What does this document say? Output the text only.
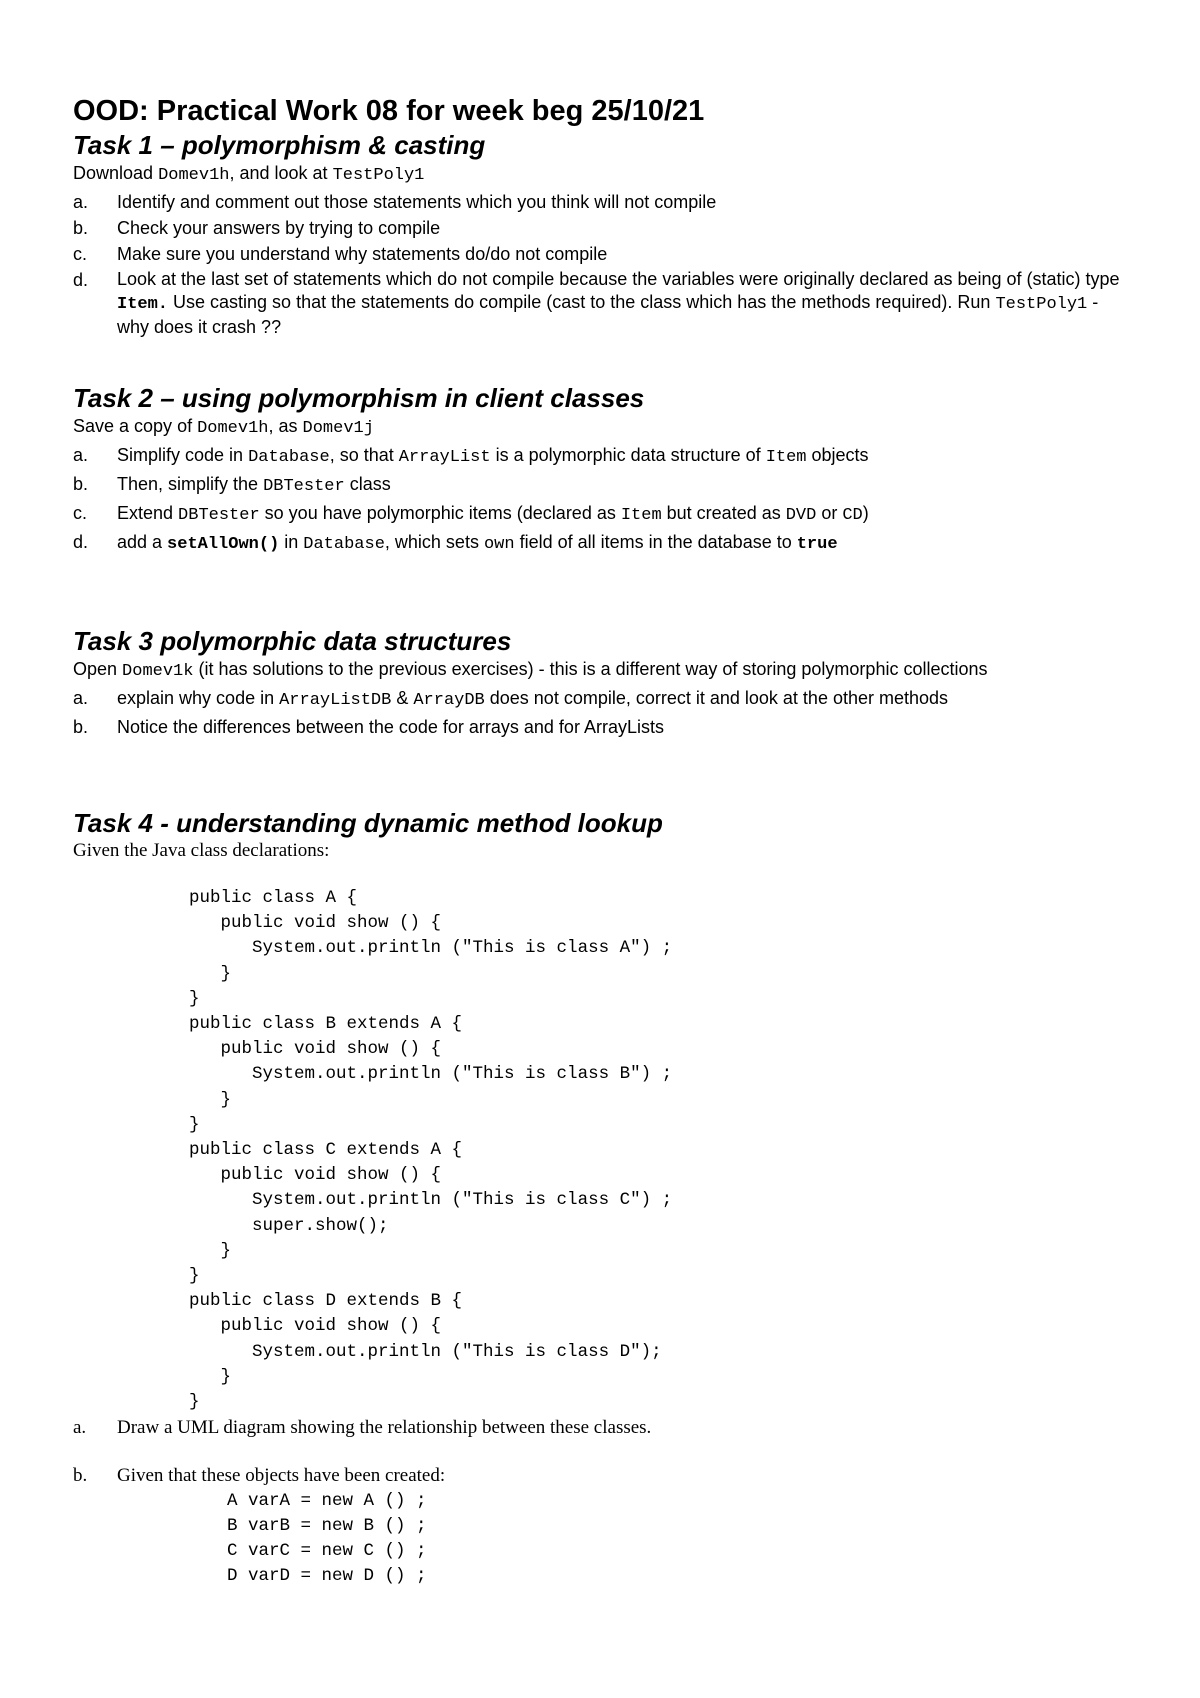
OOD: Practical Work 08 for week beg 25/10/21
Task 1 – polymorphism & casting

Download Domev1h, and look at TestPoly1

a.	Identify and comment out those statements which you think will not compile
b.	Check your answers by trying to compile
c.	Make sure you understand why statements do/do not compile
d.	Look at the last set of statements which do not compile because the variables were originally declared as being of (static) type Item. Use casting so that the statements do compile (cast to the class which has the methods required). Run TestPoly1 - why does it crash ??
Task 2 – using polymorphism in client classes

Save a copy of Domev1h, as Domev1j

a.	Simplify code in Database, so that ArrayList is a polymorphic data structure of Item objects
b.	Then, simplify the DBTester class
c.	Extend DBTester so you have polymorphic items (declared as Item but created as DVD or CD)
d.	add a setAllOwn() in Database, which sets own field of all items in the database to true
Task 3 polymorphic data structures

Open Domev1k (it has solutions to the previous exercises) - this is a different way of storing polymorphic collections

a.	explain why code in ArrayListDB & ArrayDB does not compile, correct it and look at the other methods
b.	Notice the differences between the code for arrays and for ArrayLists
Task 4 - understanding dynamic method lookup

Given the Java class declarations:

public class A {
public void show () {
System.out.println ("This is class A") ;
}
}
public class B extends A {
public void show () {
System.out.println ("This is class B") ;
}
}
public class C extends A {
public void show () {
System.out.println ("This is class C") ;
super.show();
}
}
public class D extends B {
public void show () {
System.out.println ("This is class D");
}
}
a.	Draw a UML diagram showing the relationship between these classes.
b.	Given that these objects have been created:
A varA = new A () ;
B varB = new B () ;
C varC = new C () ;
D varD = new D () ;
